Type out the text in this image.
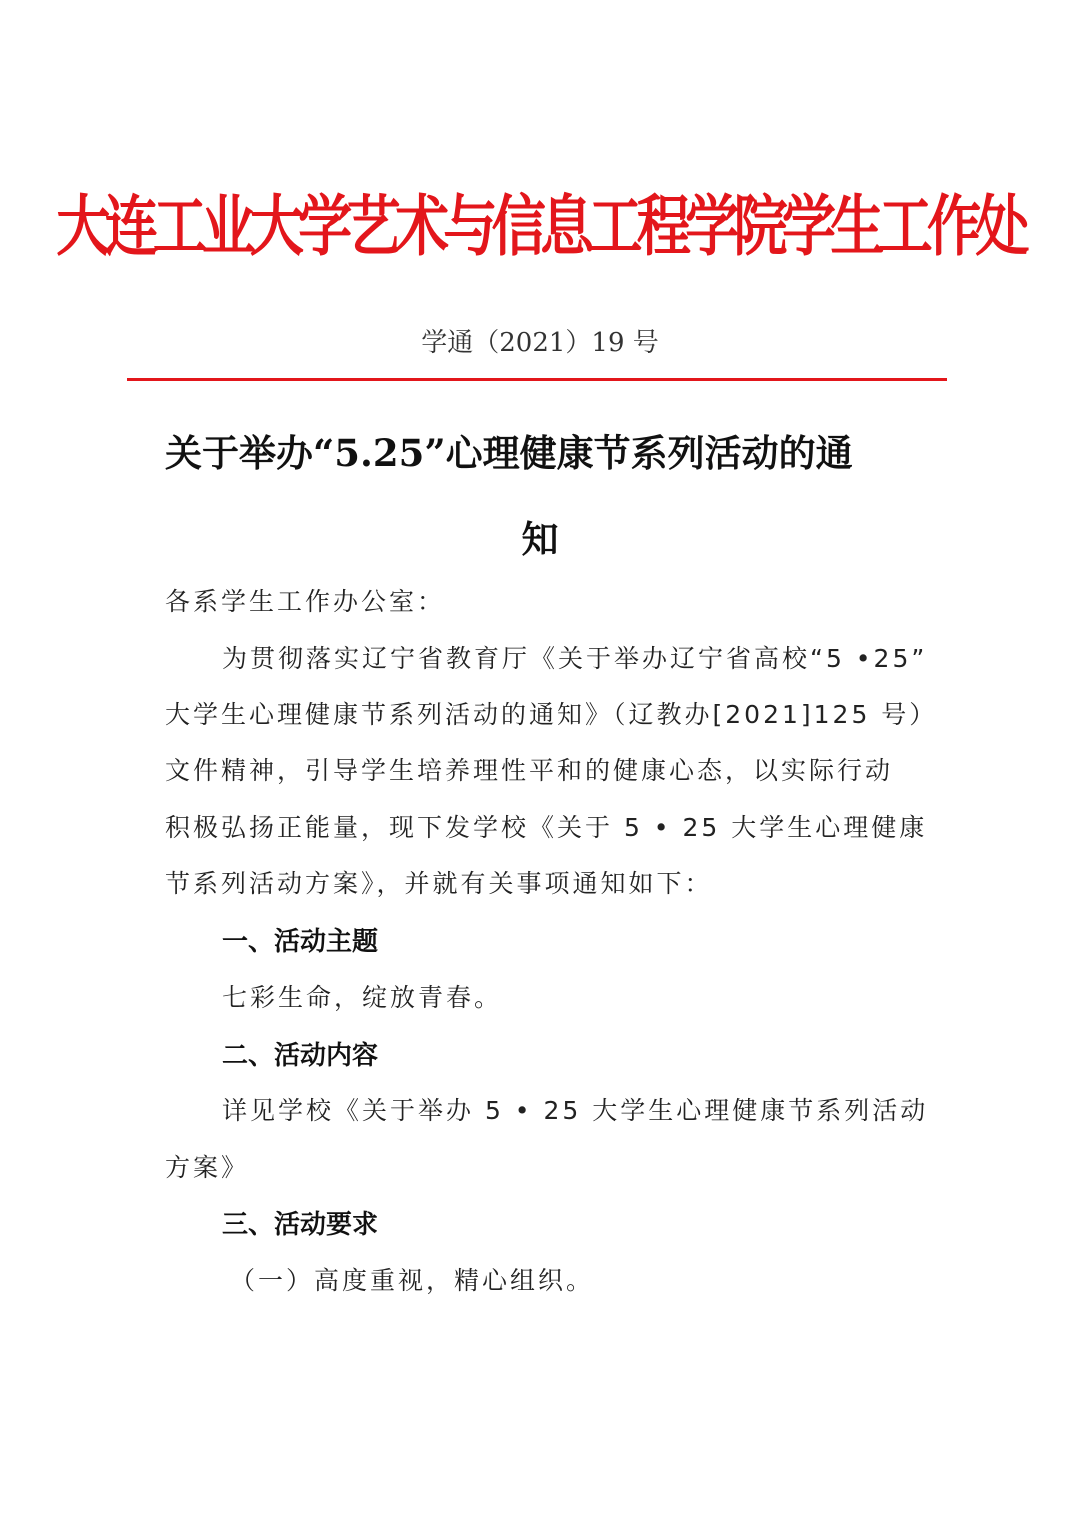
大连工业大学艺术与信息工程学院学生工作处
学通（2021）19 号
关于举办“5.25”心理健康节系列活动的通
知
各系学生工作办公室：
为贯彻落实辽宁省教育厅《关于举办辽宁省高校“5 •25”
大学生心理健康节系列活动的通知》（辽教办[2021]125 号）
文件精神，引导学生培养理性平和的健康心态，以实际行动
积极弘扬正能量，现下发学校《关于 5 • 25 大学生心理健康
节系列活动方案》，并就有关事项通知如下：
一、活动主题
七彩生命，绽放青春。
二、活动内容
详见学校《关于举办 5 • 25 大学生心理健康节系列活动
方案》
三、活动要求
（一）高度重视，精心组织。
